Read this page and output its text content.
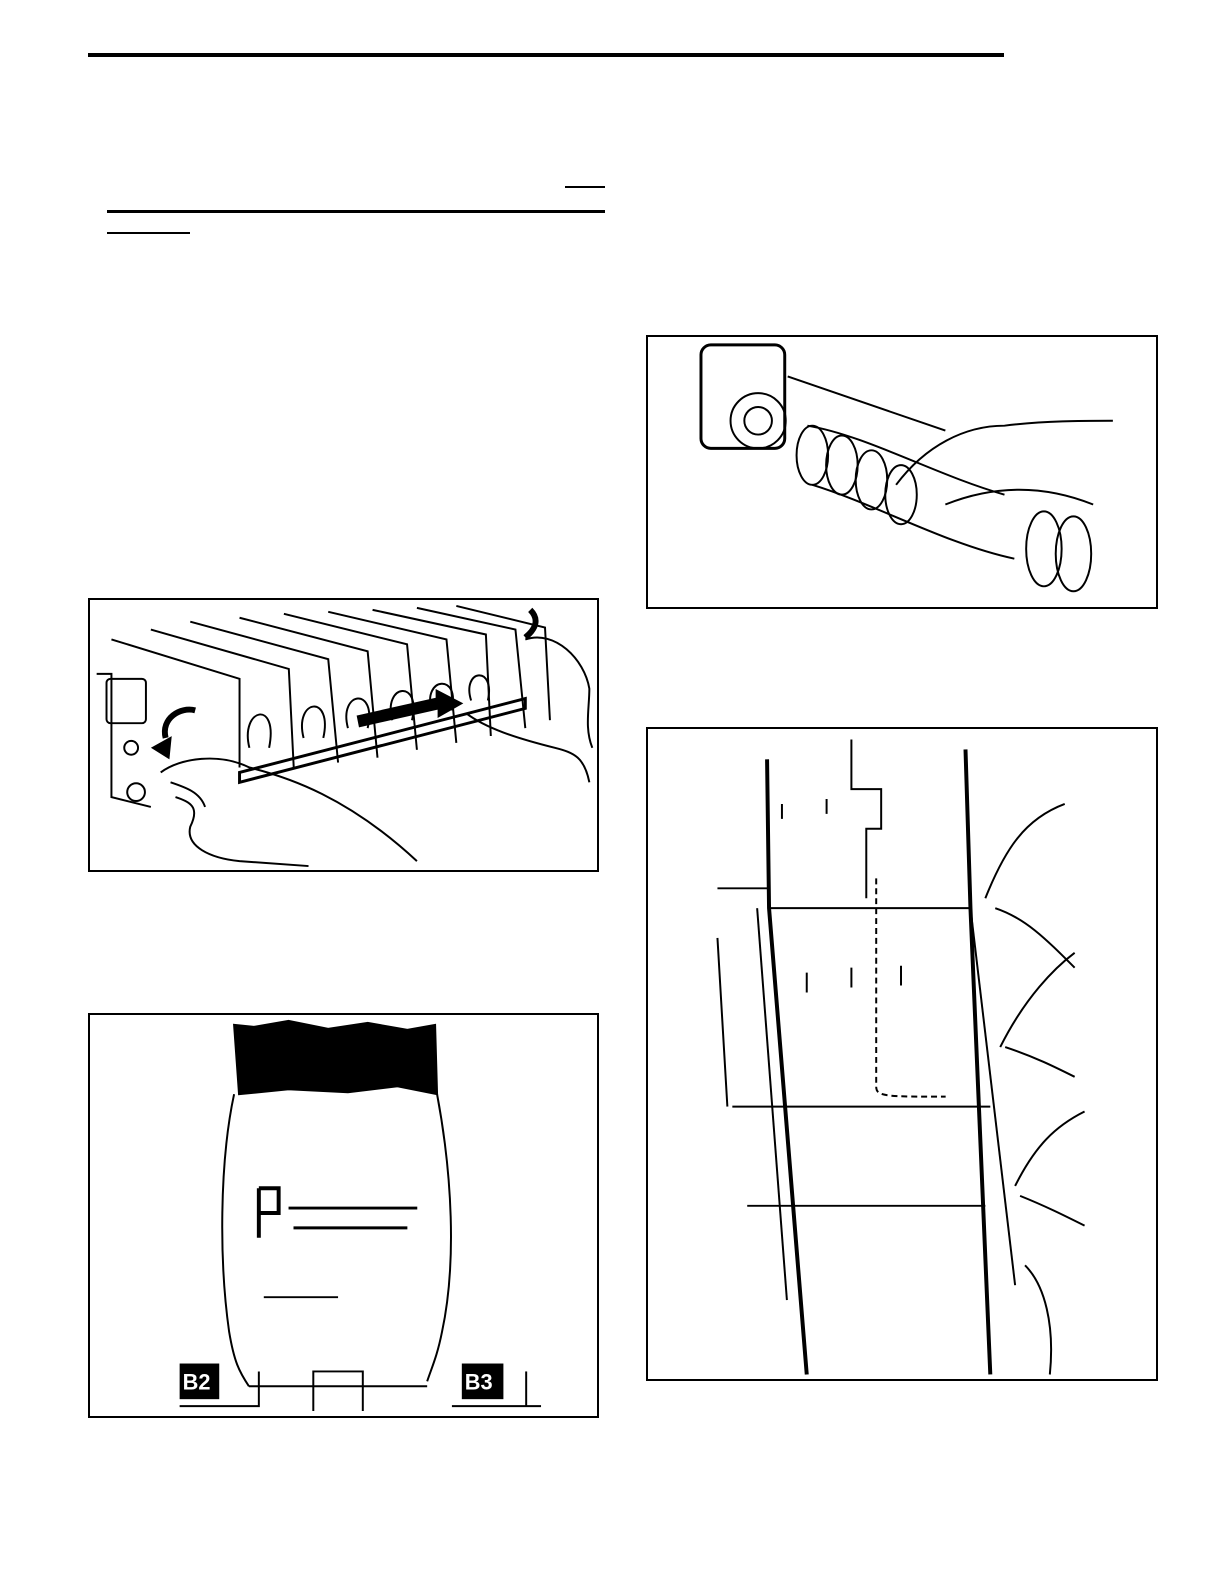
B2	B3
